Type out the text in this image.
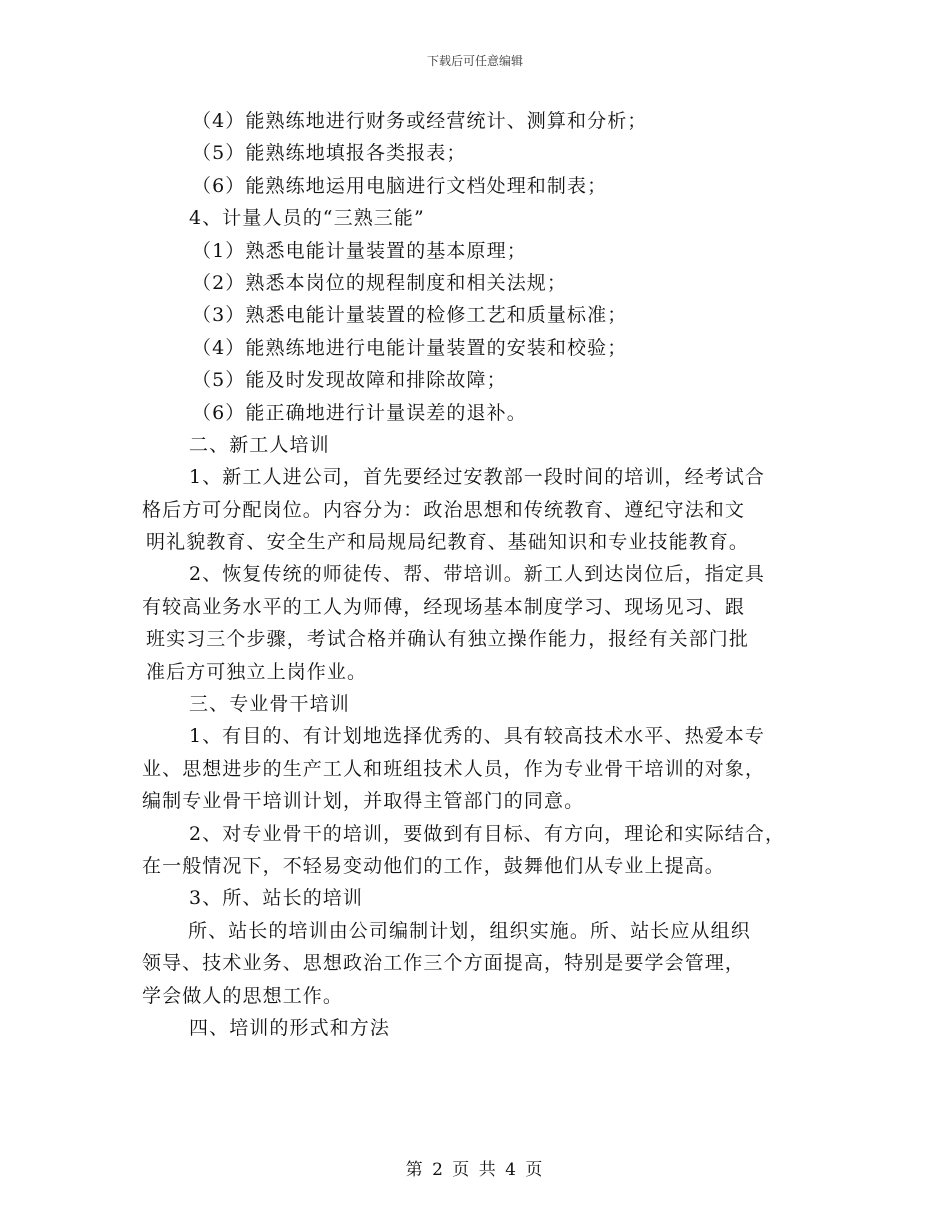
下载后可任意编辑
（4）能熟练地进行财务或经营统计、测算和分析；
（5）能熟练地填报各类报表；
（6）能熟练地运用电脑进行文档处理和制表；
4、计量人员的“三熟三能”
（1）熟悉电能计量装置的基本原理；
（2）熟悉本岗位的规程制度和相关法规；
（3）熟悉电能计量装置的检修工艺和质量标准；
（4）能熟练地进行电能计量装置的安装和校验；
（5）能及时发现故障和排除故障；
（6）能正确地进行计量误差的退补。
二、新工人培训
1、新工人进公司，首先要经过安教部一段时间的培训，经考试合
格后方可分配岗位。内容分为：政治思想和传统教育、遵纪守法和文
明礼貌教育、安全生产和局规局纪教育、基础知识和专业技能教育。
2、恢复传统的师徒传、帮、带培训。新工人到达岗位后，指定具
有较高业务水平的工人为师傅，经现场基本制度学习、现场见习、跟
班实习三个步骤，考试合格并确认有独立操作能力，报经有关部门批
准后方可独立上岗作业。
三、专业骨干培训
1、有目的、有计划地选择优秀的、具有较高技术水平、热爱本专
业、思想进步的生产工人和班组技术人员，作为专业骨干培训的对象，
编制专业骨干培训计划，并取得主管部门的同意。
2、对专业骨干的培训，要做到有目标、有方向，理论和实际结合，
在一般情况下，不轻易变动他们的工作，鼓舞他们从专业上提高。
3、所、站长的培训
所、站长的培训由公司编制计划，组织实施。所、站长应从组织
领导、技术业务、思想政治工作三个方面提高，特别是要学会管理，
学会做人的思想工作。
四、培训的形式和方法
第 2 页 共 4 页
